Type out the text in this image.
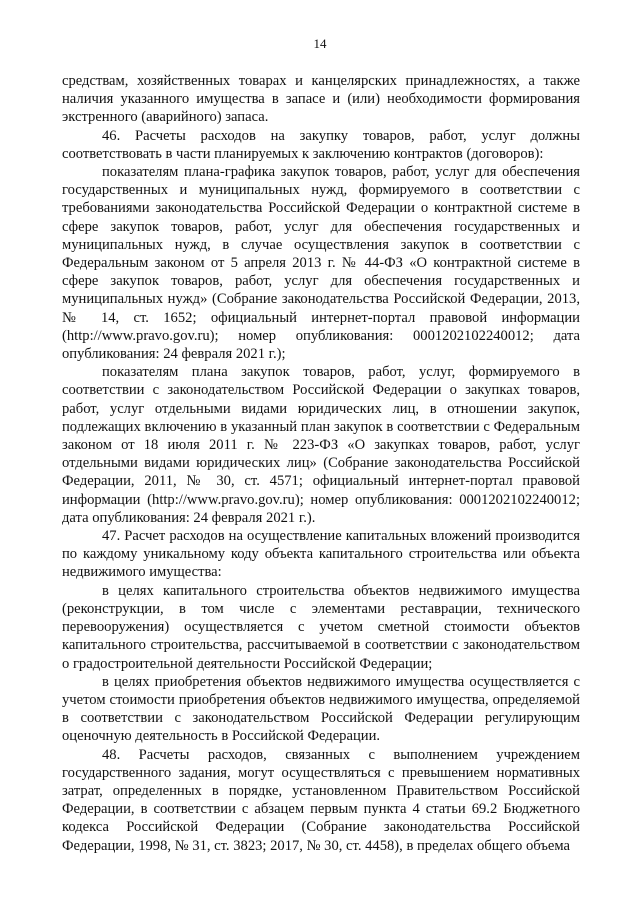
14

средствам, хозяйственных товарах и канцелярских принадлежностях, а также наличия указанного имущества в запасе и (или) необходимости формирования экстренного (аварийного) запаса.

46. Расчеты расходов на закупку товаров, работ, услуг должны соответствовать в части планируемых к заключению контрактов (договоров):

показателям плана-графика закупок товаров, работ, услуг для обеспечения государственных и муниципальных нужд, формируемого в соответствии с требованиями законодательства Российской Федерации о контрактной системе в сфере закупок товаров, работ, услуг для обеспечения государственных и муниципальных нужд, в случае осуществления закупок в соответствии с Федеральным законом от 5 апреля 2013 г. № 44-ФЗ «О контрактной системе в сфере закупок товаров, работ, услуг для обеспечения государственных и муниципальных нужд» (Собрание законодательства Российской Федерации, 2013, № 14, ст. 1652; официальный интернет-портал правовой информации (http://www.pravo.gov.ru); номер опубликования: 0001202102240012; дата опубликования: 24 февраля 2021 г.);

показателям плана закупок товаров, работ, услуг, формируемого в соответствии с законодательством Российской Федерации о закупках товаров, работ, услуг отдельными видами юридических лиц, в отношении закупок, подлежащих включению в указанный план закупок в соответствии с Федеральным законом от 18 июля 2011 г. № 223-ФЗ «О закупках товаров, работ, услуг отдельными видами юридических лиц» (Собрание законодательства Российской Федерации, 2011, № 30, ст. 4571; официальный интернет-портал правовой информации (http://www.pravo.gov.ru); номер опубликования: 0001202102240012; дата опубликования: 24 февраля 2021 г.).

47. Расчет расходов на осуществление капитальных вложений производится по каждому уникальному коду объекта капитального строительства или объекта недвижимого имущества:

в целях капитального строительства объектов недвижимого имущества (реконструкции, в том числе с элементами реставрации, технического перевооружения) осуществляется с учетом сметной стоимости объектов капитального строительства, рассчитываемой в соответствии с законодательством о градостроительной деятельности Российской Федерации;

в целях приобретения объектов недвижимого имущества осуществляется с учетом стоимости приобретения объектов недвижимого имущества, определяемой в соответствии с законодательством Российской Федерации регулирующим оценочную деятельность в Российской Федерации.

48. Расчеты расходов, связанных с выполнением учреждением государственного задания, могут осуществляться с превышением нормативных затрат, определенных в порядке, установленном Правительством Российской Федерации, в соответствии с абзацем первым пункта 4 статьи 69.2 Бюджетного кодекса Российской Федерации (Собрание законодательства Российской Федерации, 1998, № 31, ст. 3823; 2017, № 30, ст. 4458), в пределах общего объема
